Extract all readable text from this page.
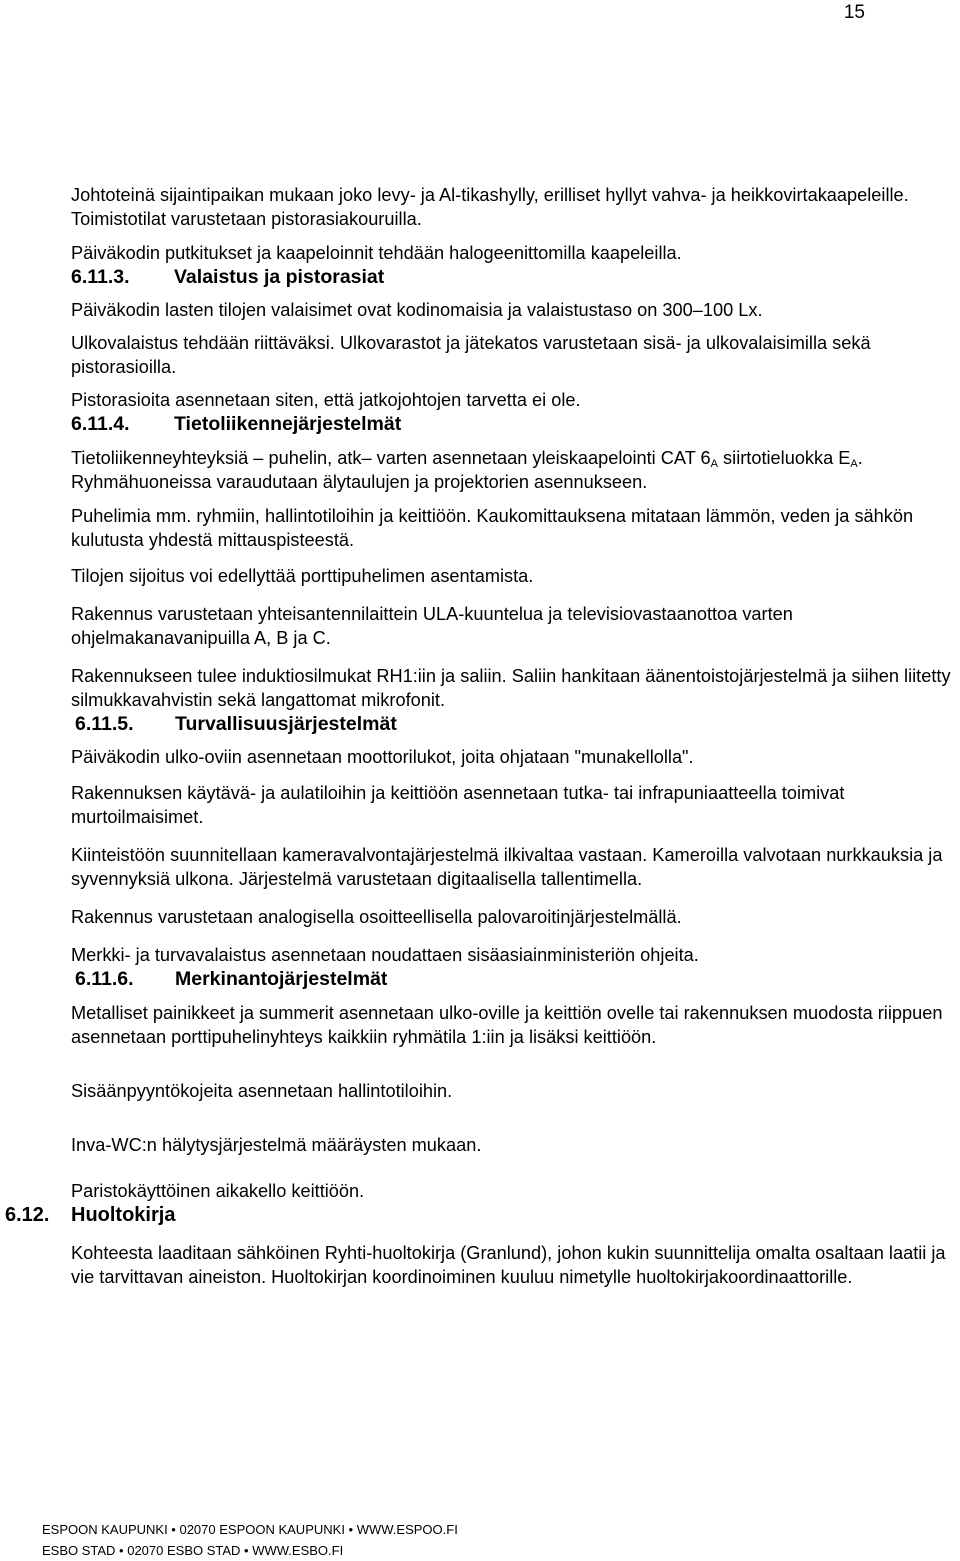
15

Johtoteinä sijaintipaikan mukaan joko levy- ja Al-tikashylly, erilliset hyllyt vahva- ja heikkovirtakaapeleille. Toimistotilat varustetaan pistorasiakouruilla.

Päiväkodin putkitukset ja kaapeloinnit tehdään halogeenittomilla kaapeleilla.

6.11.3. Valaistus ja pistorasiat

Päiväkodin lasten tilojen valaisimet ovat kodinomaisia ja valaistustaso on 300–100 Lx.

Ulkovalaistus tehdään riittäväksi. Ulkovarastot ja jätekatos varustetaan sisä- ja ulkovalaisimilla sekä pistorasioilla.

Pistorasioita asennetaan siten, että jatkojohtojen tarvetta ei ole.

6.11.4. Tietoliikennejärjestelmät

Tietoliikenneyhteyksiä – puhelin, atk– varten asennetaan yleiskaapelointi CAT $6_A$ siirtotieluokka $E_A$. Ryhmähuoneissa varaudutaan älytaulujen ja projektorien asennukseen.

Puhelimia mm. ryhmiin, hallintotiloihin ja keittiöön. Kaukomittauksena mitataan lämmön, veden ja sähkön kulutusta yhdestä mittauspisteestä.

Tilojen sijoitus voi edellyttää porttipuhelimen asentamista.

Rakennus varustetaan yhteisantennilaittein ULA-kuuntelua ja televisiovastaanottoa varten ohjelmakanavanipuilla A, B ja C.

Rakennukseen tulee induktiosilmukat RH1:iin ja saliin. Saliin hankitaan äänentoistojärjestelmä ja siihen liitetty silmukkavahvistin sekä langattomat mikrofonit.

6.11.5. Turvallisuusjärjestelmät

Päiväkodin ulko-oviin asennetaan moottorilukot, joita ohjataan "munakellolla".

Rakennuksen käytävä- ja aulatiloihin ja keittiöön asennetaan tutka- tai infrapuniaatteella toimivat murtoilmaisimet.

Kiinteistöön suunnitellaan kameravalvontajärjestelmä ilkivaltaa vastaan. Kameroilla valvotaan nurkkauksia ja syvennyksiä ulkona. Järjestelmä varustetaan digitaalisella tallentimella.

Rakennus varustetaan analogisella osoitteellisella palovaroitinjärjestelmällä.

Merkki- ja turvavalaistus asennetaan noudattaen sisäasiainministeriön ohjeita.

6.11.6. Merkinantojärjestelmät

Metalliset painikkeet ja summerit asennetaan ulko-oville ja keittiön ovelle tai rakennuksen muodosta riippuen asennetaan porttipuhelinyhteys kaikkiin ryhmätila 1:iin ja lisäksi keittiöön.

Sisäänpyyntökojeita asennetaan hallintotiloihin.

Inva-WC:n hälytysjärjestelmä määräysten mukaan.

Paristokäyttöinen aikakello keittiöön.

6.12. Huoltokirja

Kohteesta laaditaan sähköinen Ryhti-huoltokirja (Granlund), johon kukin suunnittelija omalta osaltaan laatii ja vie tarvittavan aineiston. Huoltokirjan koordinoiminen kuuluu nimetylle huoltokirjakoordinaattorille.

ESPOON KAUPUNKI • 02070 ESPOON KAUPUNKI • WWW.ESPOO.FI
ESBO STAD • 02070 ESBO STAD • WWW.ESBO.FI
